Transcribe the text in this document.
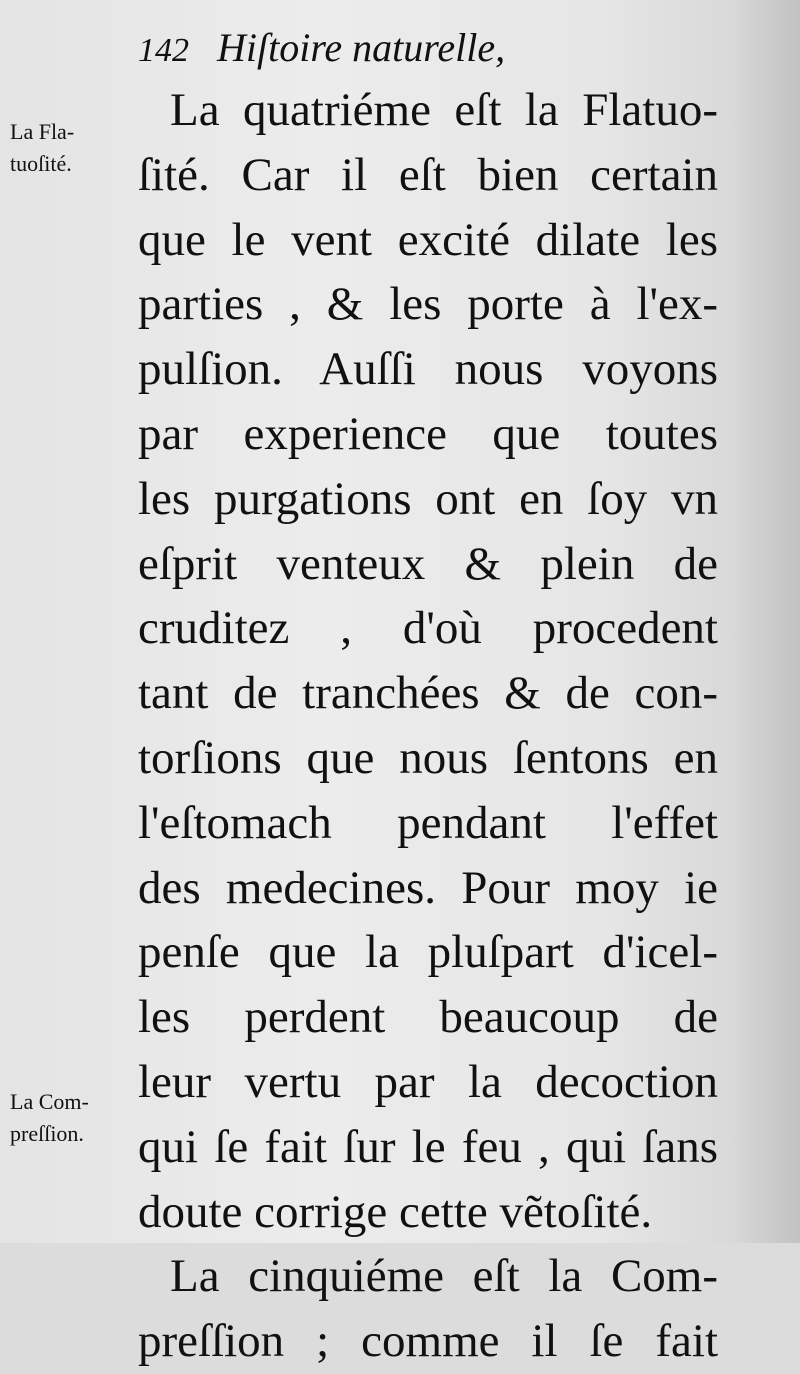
142 Hiſtoire naturelle,
La Fla-
tuoſité.
La Com-
preſſion.
La quatriéme eſt la Flatuo-
ſité. Car il eſt bien certain
que le vent excité dilate les
parties , & les porte à l'ex-
pulſion. Auſſi nous voyons
par experience que toutes
les purgations ont en ſoy vn
eſprit venteux & plein de
cruditez , d'où procedent
tant de tranchées & de con-
torſions que nous ſentons en
l'eſtomach pendant l'effet
des medecines. Pour moy ie
penſe que la pluſpart d'icel-
les perdent beaucoup de
leur vertu par la decoction
qui ſe fait ſur le feu , qui ſans
doute corrige cette vẽtoſité.
La cinquiéme eſt la Com-
preſſion ; comme il ſe fait
